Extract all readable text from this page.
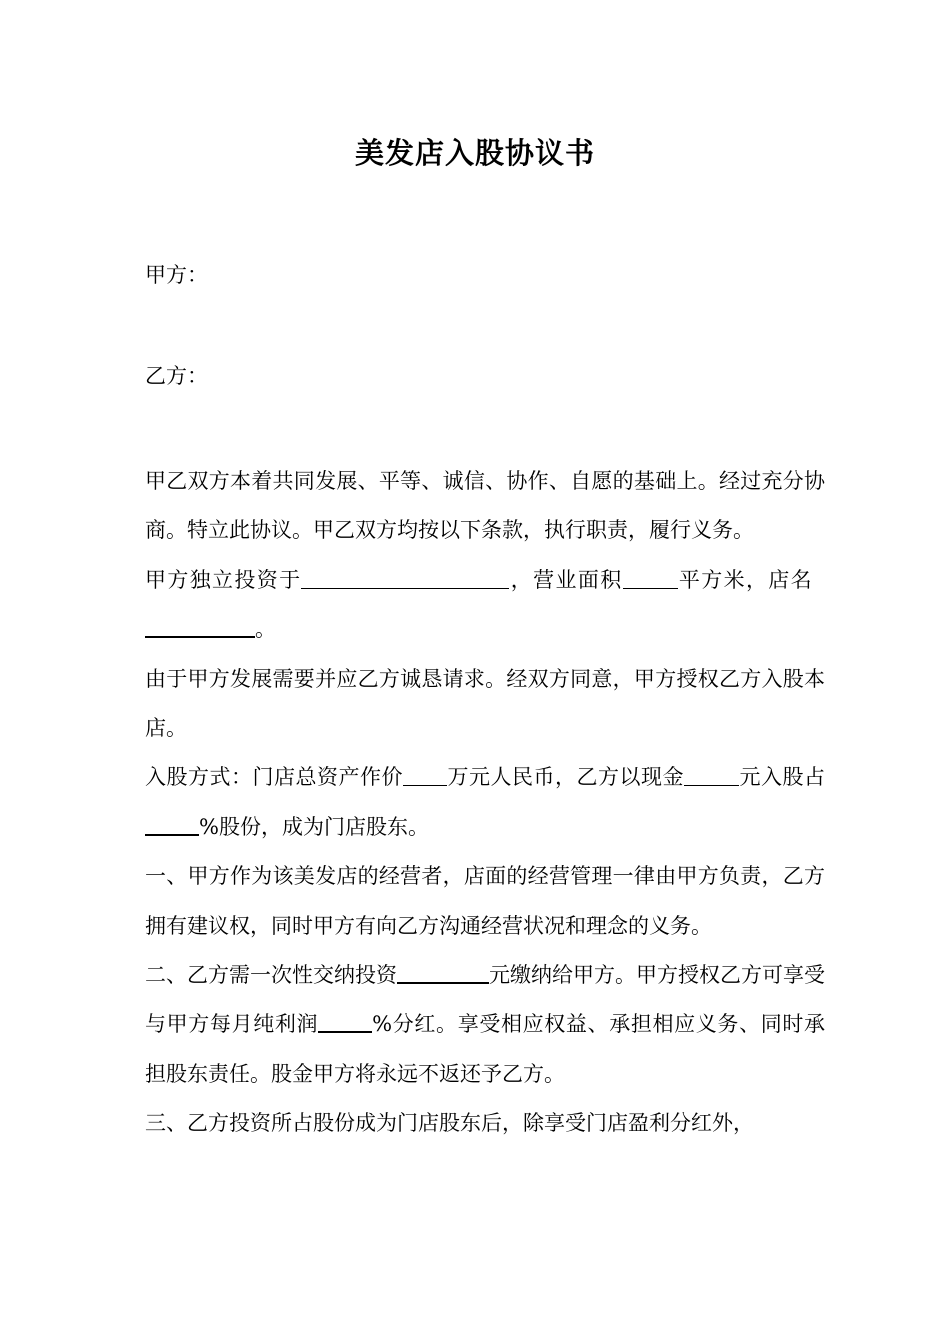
美发店入股协议书
甲方：
乙方：

甲乙双方本着共同发展、平等、诚信、协作、自愿的基础上。经过充分协商。特立此协议。甲乙双方均按以下条款，执行职责，履行义务。

甲方独立投资于	，营业面积	平方米，店名。

由于甲方发展需要并应乙方诚恳请求。经双方同意，甲方授权乙方入股本店。

入股方式：门店总资产作价 万元人民币，乙方以现金	元入股占%股份，成为门店股东。

一、甲方作为该美发店的经营者，店面的经营管理一律由甲方负责，乙方拥有建议权，同时甲方有向乙方沟通经营状况和理念的义务。

二、乙方需一次性交纳投资	元缴纳给甲方。甲方授权乙方可享受与甲方每月纯利润	%分红。享受相应权益、承担相应义务、同时承担股东责任。股金甲方将永远不返还予乙方。

三、乙方投资所占股份成为门店股东后，除享受门店盈利分红外，
